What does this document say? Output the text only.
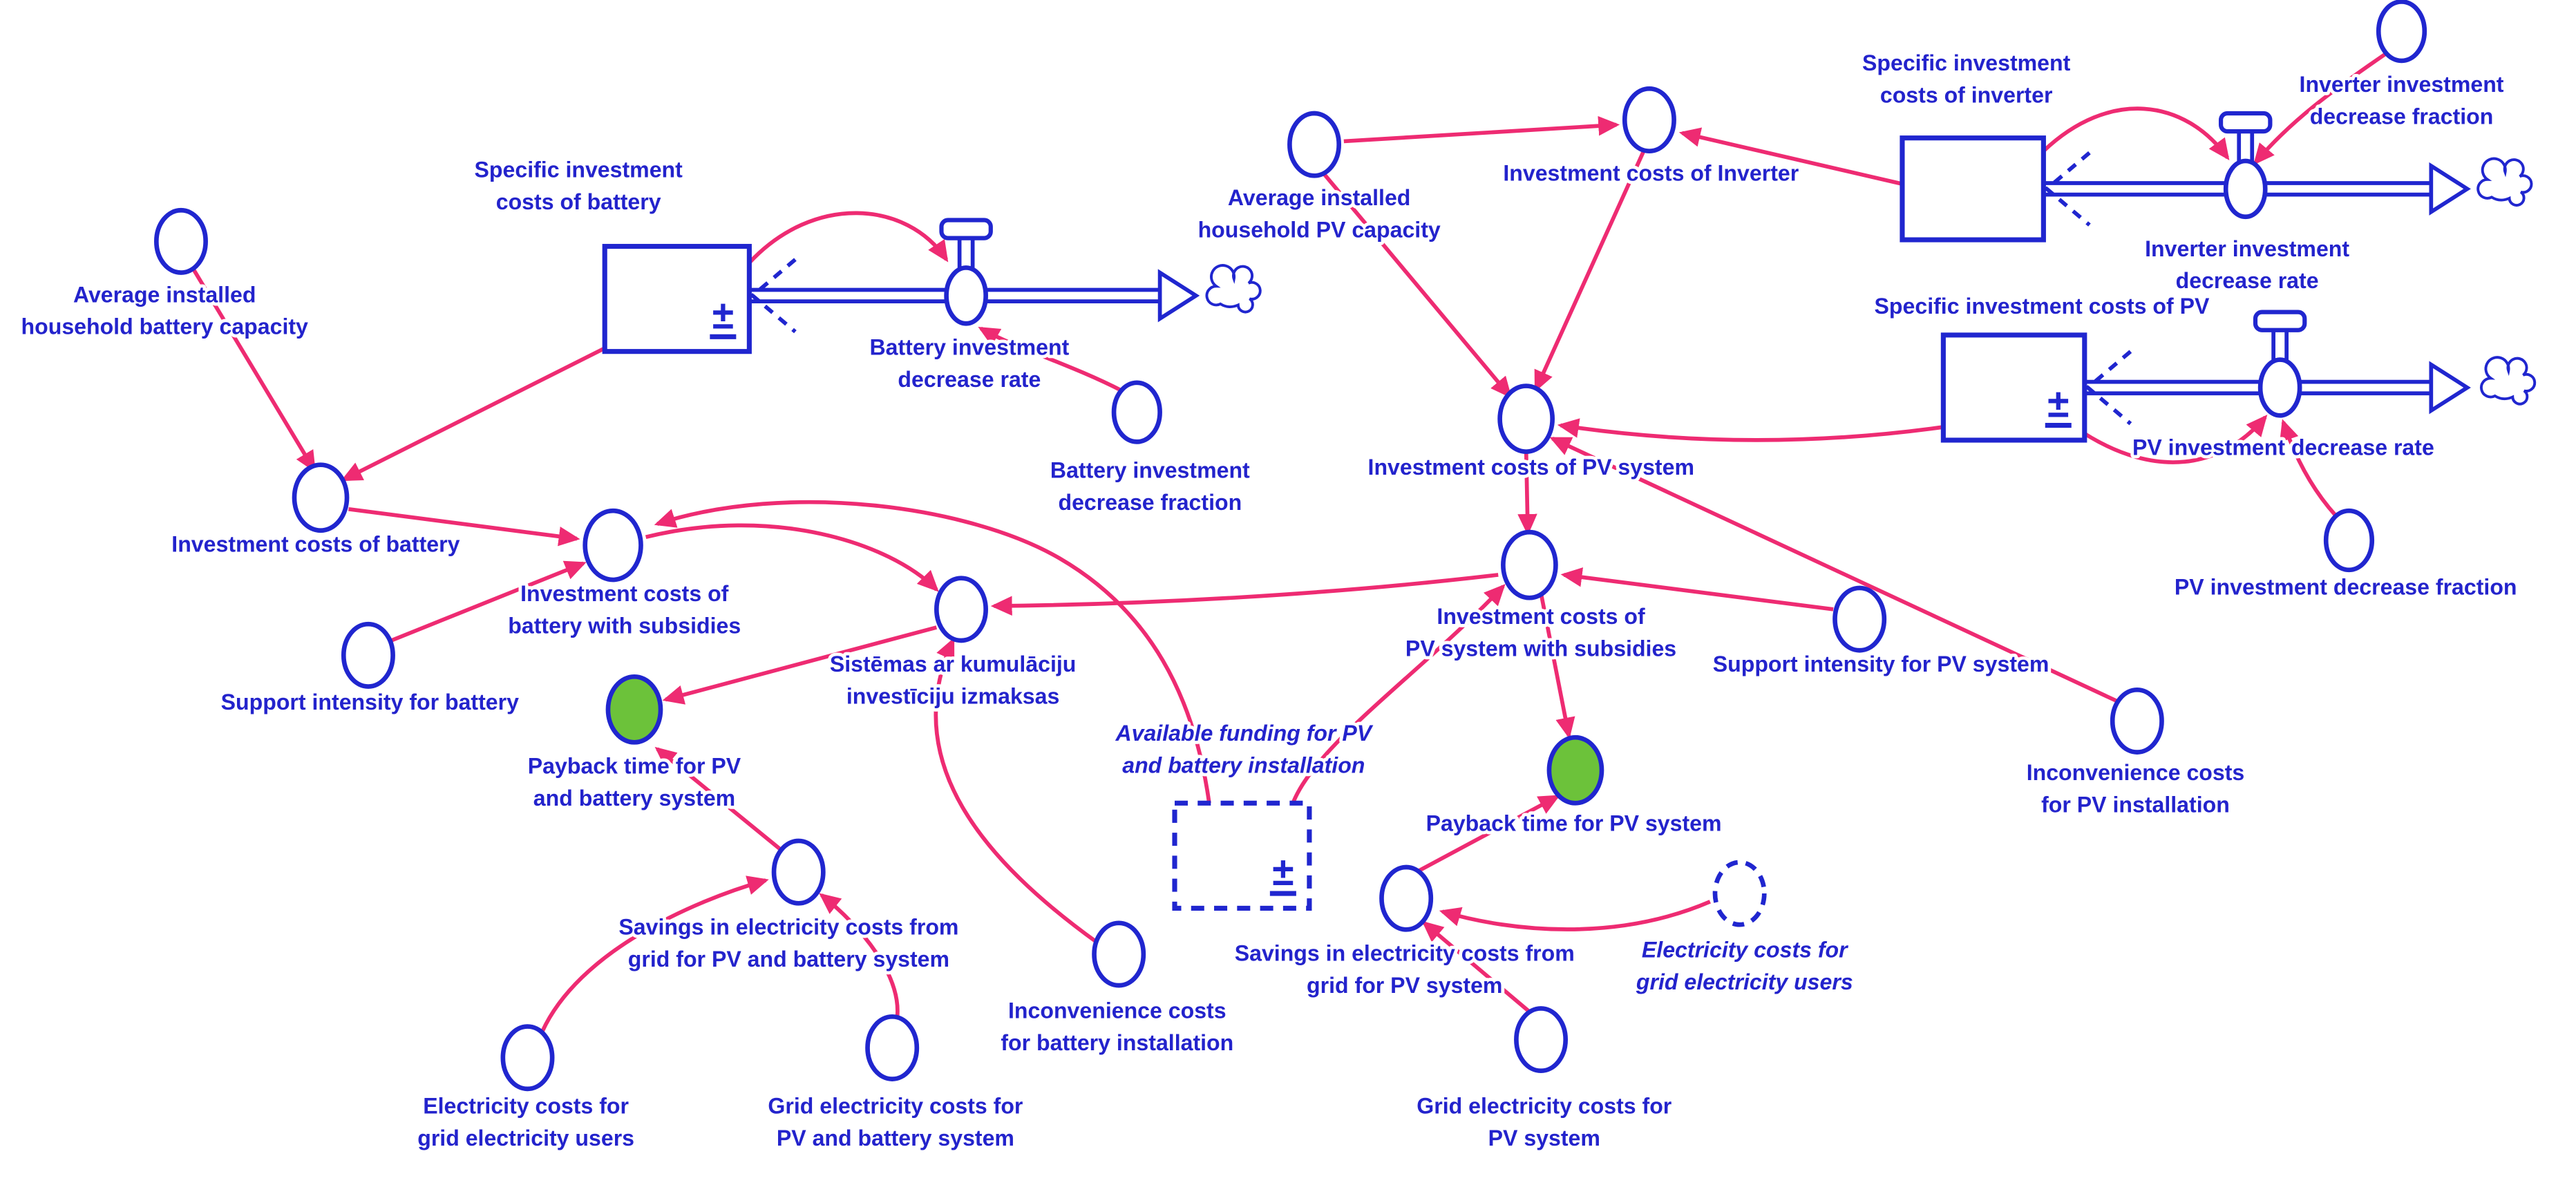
±
±
±
Average installed household battery capacity
Investment costs of battery
Support intensity for battery
Investment costs of battery with subsidies
Battery investment decrease fraction
Sistēmas ar kumulāciju investīciju izmaksas
Payback time for PV and battery system
Savings in electricity costs from grid for PV and battery system
Electricity costs for grid electricity users
Grid electricity costs for PV and battery system
Inconvenience costs for battery installation
Average installed household PV capacity
Investment costs of Inverter
Inverter investment decrease fraction
PV investment decrease fraction
Investment costs of PV system
Investment costs of PV system with subsidies
Support intensity for PV system
Inconvenience costs for PV installation
Payback time for PV system
Savings in electricity costs from grid for PV system
Electricity costs for grid electricity users
Grid electricity costs for PV system
Specific investment costs of battery
Specific investment costs of inverter
Specific investment costs of PV
Available funding for PV and battery installation
Battery investment decrease rate
Inverter investment decrease rate
PV investment decrease rate
